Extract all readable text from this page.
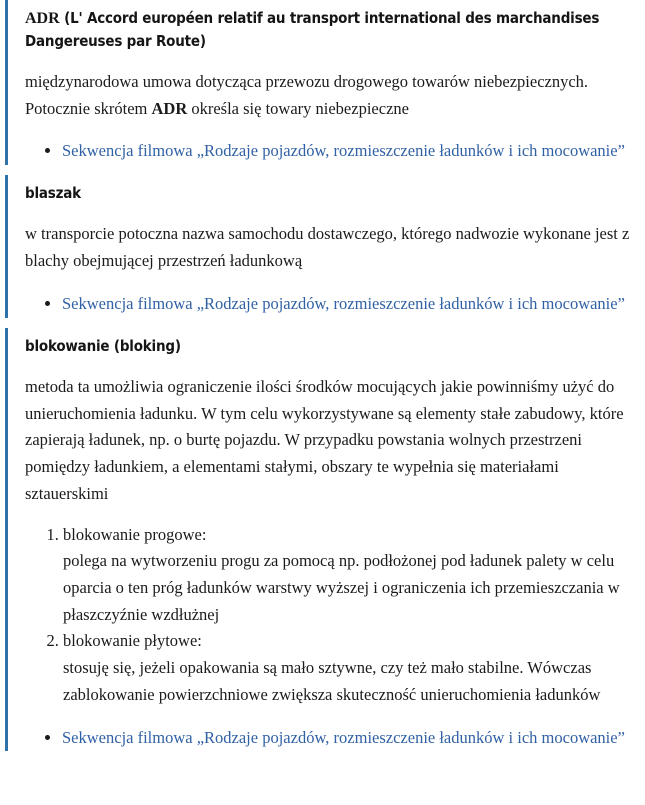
ADR (L' Accord européen relatif au transport international des marchandises Dangereuses par Route)

międzynarodowa umowa dotycząca przewozu drogowego towarów niebezpiecznych. Potocznie skrótem ADR określa się towary niebezpieczne

• Sekwencja filmowa „Rodzaje pojazdów, rozmieszczenie ładunków i ich mocowanie”
blaszak

w transporcie potoczna nazwa samochodu dostawczego, którego nadwozie wykonane jest z blachy obejmującej przestrzeń ładunkową

• Sekwencja filmowa „Rodzaje pojazdów, rozmieszczenie ładunków i ich mocowanie”
blokowanie (bloking)

metoda ta umożliwia ograniczenie ilości środków mocujących jakie powinniśmy użyć do unieruchomienia ładunku. W tym celu wykorzystywane są elementy stałe zabudowy, które zapierają ładunek, np. o burtę pojazdu. W przypadku powstania wolnych przestrzeni pomiędzy ładunkiem, a elementami stałymi, obszary te wypełnia się materiałami sztauerskimi

1. blokowanie progowe:
polega na wytworzeniu progu za pomocą np. podłożonej pod ładunek palety w celu oparcia o ten próg ładunków warstwy wyższej i ograniczenia ich przemieszczania w płaszczyźnie wzdłużnej
2. blokowanie płytowe:
stosuję się, jeżeli opakowania są mało sztywne, czy też mało stabilne. Wówczas zablokowanie powierzchniowe zwiększa skuteczność unieruchomienia ładunków
• Sekwencja filmowa „Rodzaje pojazdów, rozmieszczenie ładunków i ich mocowanie”
